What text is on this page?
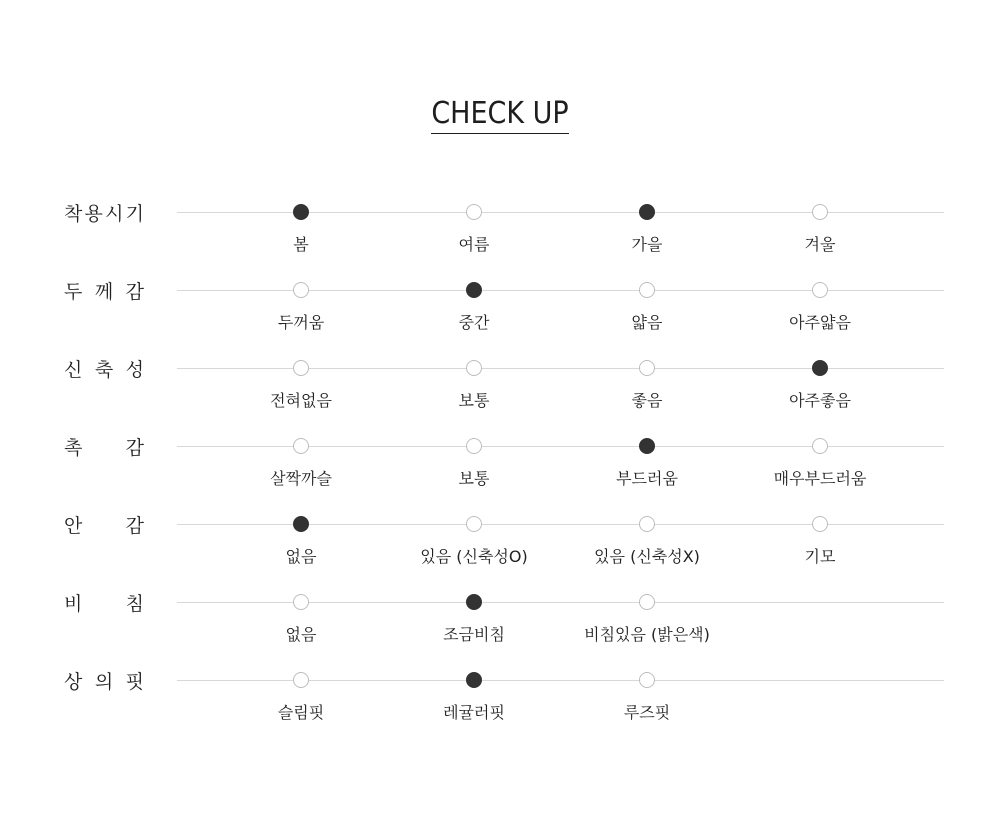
CHECK UP
착 용 시 기
봄	여름	가을	겨울
두 께 감
두꺼움	중간	얇음	아주얇음
신 축 성
전혀없음	보통	좋음	아주좋음
촉 감
살짝까슬	보통	부드러움	매우부드러움
안 감
없음	있음 (신축성O)	있음 (신축성X)	기모
비 침
없음	조금비침	비침있음 (밝은색)
상 의 핏
슬림핏	레귤러핏	루즈핏
